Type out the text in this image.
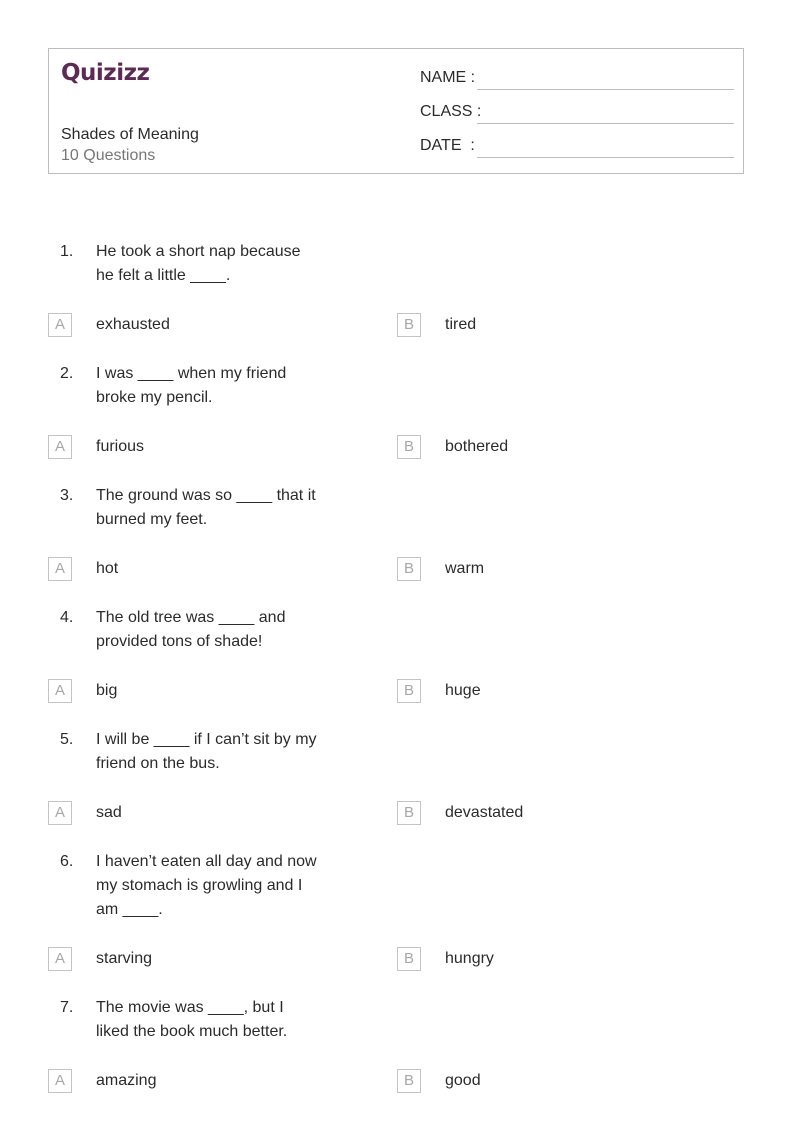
Quizizz
Shades of Meaning
10 Questions
NAME :
CLASS :
DATE  :
1. He took a short nap because he felt a little ____.
A	exhausted	B	tired
2. I was ____ when my friend broke my pencil.
A	furious	B	bothered
3. The ground was so ____ that it burned my feet.
A	hot	B	warm
4. The old tree was ____ and provided tons of shade!
A	big	B	huge
5. I will be ____ if I can’t sit by my friend on the bus.
A	sad	B	devastated
6. I haven’t eaten all day and now my stomach is growling and I am ____.
A	starving	B	hungry
7. The movie was ____, but I liked the book much better.
A	amazing	B	good
